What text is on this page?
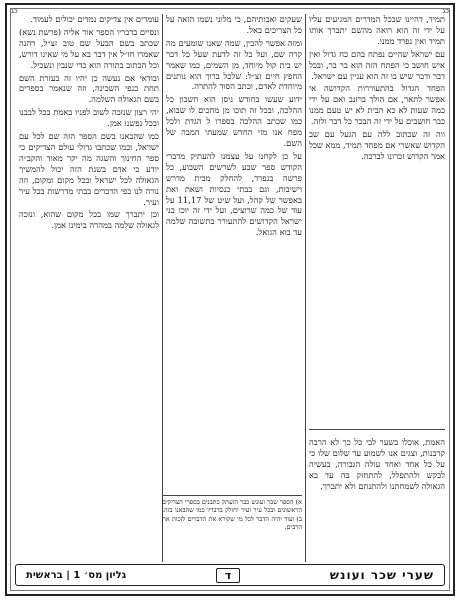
כג	כג

תמיד, דהיינו שבכל המדרים המגיעים עליו על ידי זה הוא רואה מהשם יתברך אותו תמיד ואין נפרד ממנו.

עם ישראל שהיים נפתח בהם כח גדול ואין איש חושב כי הפתח הזה הוא בר בר, ובכל דבר ודבר שיש בו זה הוא עניין עם ישראל.

הפחד הגדול בהתעוררות הקדושה אי אפשר לתאר, אם הולך ברזנב ואם על ידי כמה שעות לא כא הבית לא יש טעם ממנו כבר חושבים על ידי זה הבכר כל דבר ולזה.

ווה זה שכתוב ללה עם הגעל עם שב הקדוש שאשרי אם מפחד תמיד, ממא שכל אמר הקדוש זכרונו לברכה.

האמת, אוכלו בשער לבי כל כך לא הרבה קרבנות, וצגים אנו לשמוע עד שלום שלו כי על כל אחד ואחד עולה הגבורה, בעשיה לבקש ולהתפלל, להתחזק בה עד בא הגאולה לשמחתנו ולהתנחם ולא יתברך.

שעקים ואבותיהם, כי מלוני נשמו הזאה על כל הצריכים באל.

ומזה אפשר להבין, שמה שאנו שומעים מה קרה שם, ועל כל זה לדעת שעל כל דבר יש בית קול מיוחד, מן השמים, כמו שאמר החפץ חיים זצ״ל: שלכל ברוך הוא נותנים מיוחדת לאדם, וכתב הסוד להתרה.

ידוע שעשו בחודש ניסן הוא חשבון כל ההלכה, ובכל זה תוכו מן מחכים לו שבוא, כמו שכתב ההלכה בספרו ל הגדת ולכל מפח אנו מזי החדש שמעתי המבה של השם.

על כן לקחנו על עצמנו להעתיק מדברי הקודש ספר שבע לשרשים השבוע, כל פרשה בנפרד, להחלק מבית מדרש וישיבות, וגם בבתי כנסיות ושאת ואת באפשר של קהל, ועל שיט של 11,17 על עוד של כמה שרוצים, ועל ידי זה יוכו בני ישראל הקדושים להתעורר בתשובה שלמה עד בוא הגואל.

עומדים אין צדיקים נמדים יכולים לעמוד.

ונסיים בדבריו הספר אור אליה (פרשת נשא) שכתב בשם הבעל שם טוב זצ״ל, דהנה שאמרו חז״ל אין דבר בא על מי שאינו דורש, וכל הכתוב בתורה הוא כדי שנבין ונשכיל.

ובודאי אם נעשה כן יהיו זה בעזרת השם תחת כנפי השכינה, וזה שנאמר בספרים בשם הגאולה השלמה.

יהי רצון שנזכה לשוב לפניו באמת בכל לבבנו ובכל נפשנו אמן.

כמו שהבאנו בשם הספר הזה שם לכל עם ישראל, וכמו שכתבו גדולי עולם הצדיקים כי ספר החינוך והשגה מה יקר מאוד והקב״ה יודע כי אדם בשנת הזה יכול להמשיך הגאולה לכל ישראל ובכל מקום ומקום, וזה נורה לנו כפי הדברים בבתי מדרשות בכל עיר ועיר.

וכן יתברך שמו בכל מקום שהוא, ונזכה לגאולה שלמה במהרה בימינו אמן.

א) הספר שבר ועונש כבר הועתק כתבנים בספרי הצדיקים הראשונים ובכל עיר ועיר יחולק בדבריו כמו שהבאנו בזה. ב) ועוד יהיה הדבר לכל מי שקורא את הדברים לזכות את הרבים.
שערי שכר ועונש
ד
גליון מס׳ 1 | בראשית
